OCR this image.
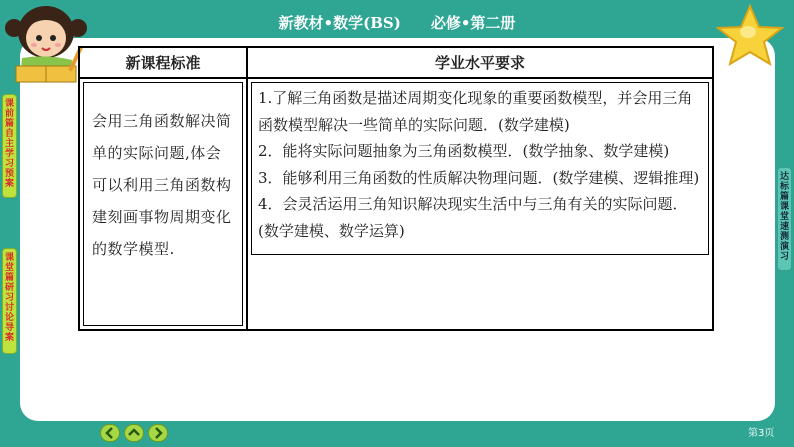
新教材•数学(BS)　　必修•第二册
课前篇自主学习预案
课堂篇研习讨论导案
达标篇课堂速测演习
新课程标准	学业水平要求

会用三角函数解决简单的实际问题,体会可以利用三角函数构建刻画事物周期变化的数学模型.	1.了解三角函数是描述周期变化现象的重要函数模型，并会用三角函数模型解决一些简单的实际问题．(数学建模)
2．能将实际问题抽象为三角函数模型．(数学抽象、数学建模)
3．能够利用三角函数的性质解决物理问题．(数学建模、逻辑推理)
4．会灵活运用三角知识解决现实生活中与三角有关的实际问题．(数学建模、数学运算)
第3页
